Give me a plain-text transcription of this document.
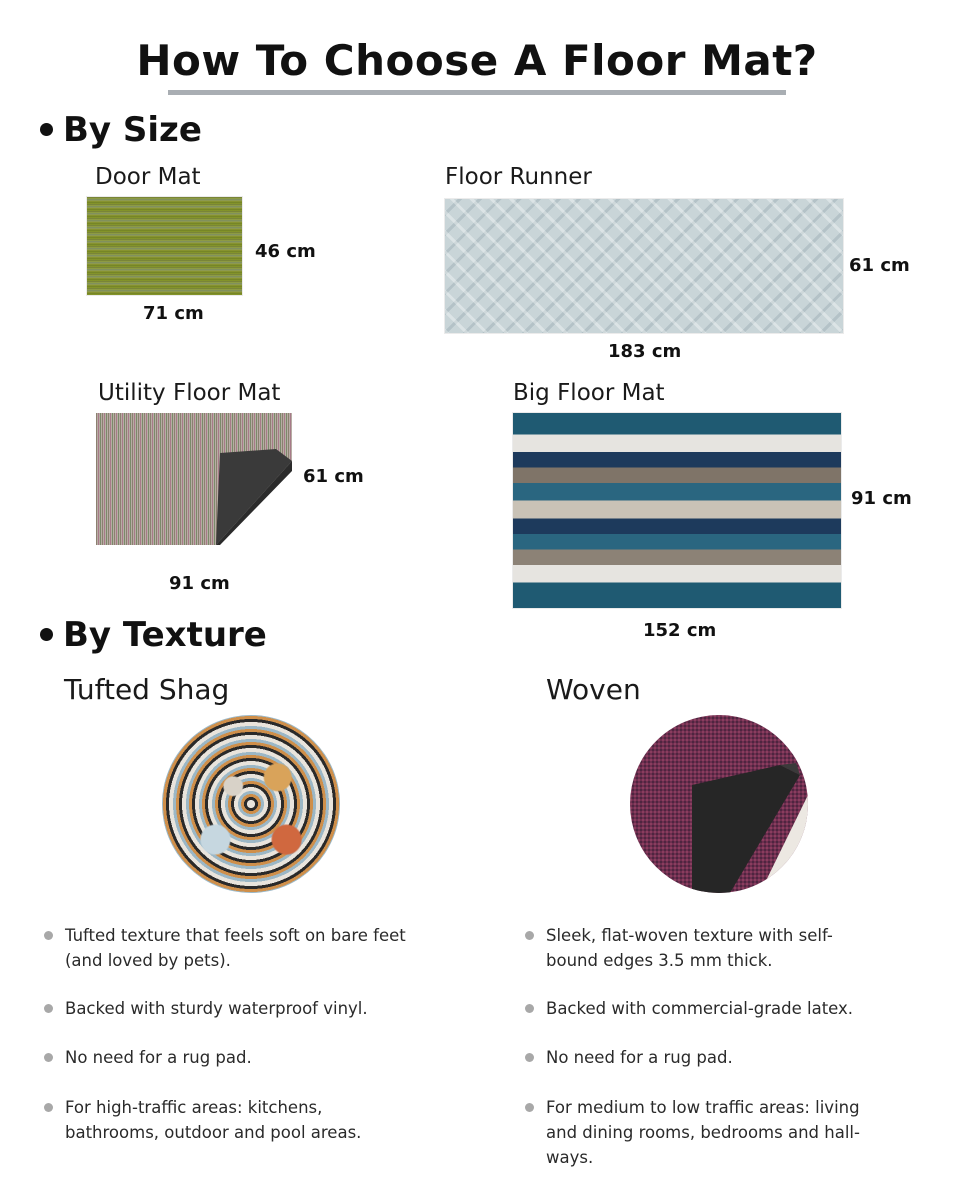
How To Choose A Floor Mat?
By Size
Door Mat
46 cm
71 cm
Floor Runner
61 cm
183 cm
Utility Floor Mat
61 cm
91 cm
Big Floor Mat
91 cm
152 cm
By Texture
Tufted Shag	Woven
Tufted texture that feels soft on bare feet (and loved by pets).
Backed with sturdy waterproof vinyl.
No need for a rug pad.
For high-traffic areas: kitchens, bathrooms, outdoor and pool areas.
Sleek, flat-woven texture with self-bound edges 3.5 mm thick.
Backed with commercial-grade latex.
No need for a rug pad.
For medium to low traffic areas: living and dining rooms, bedrooms and hall-ways.
